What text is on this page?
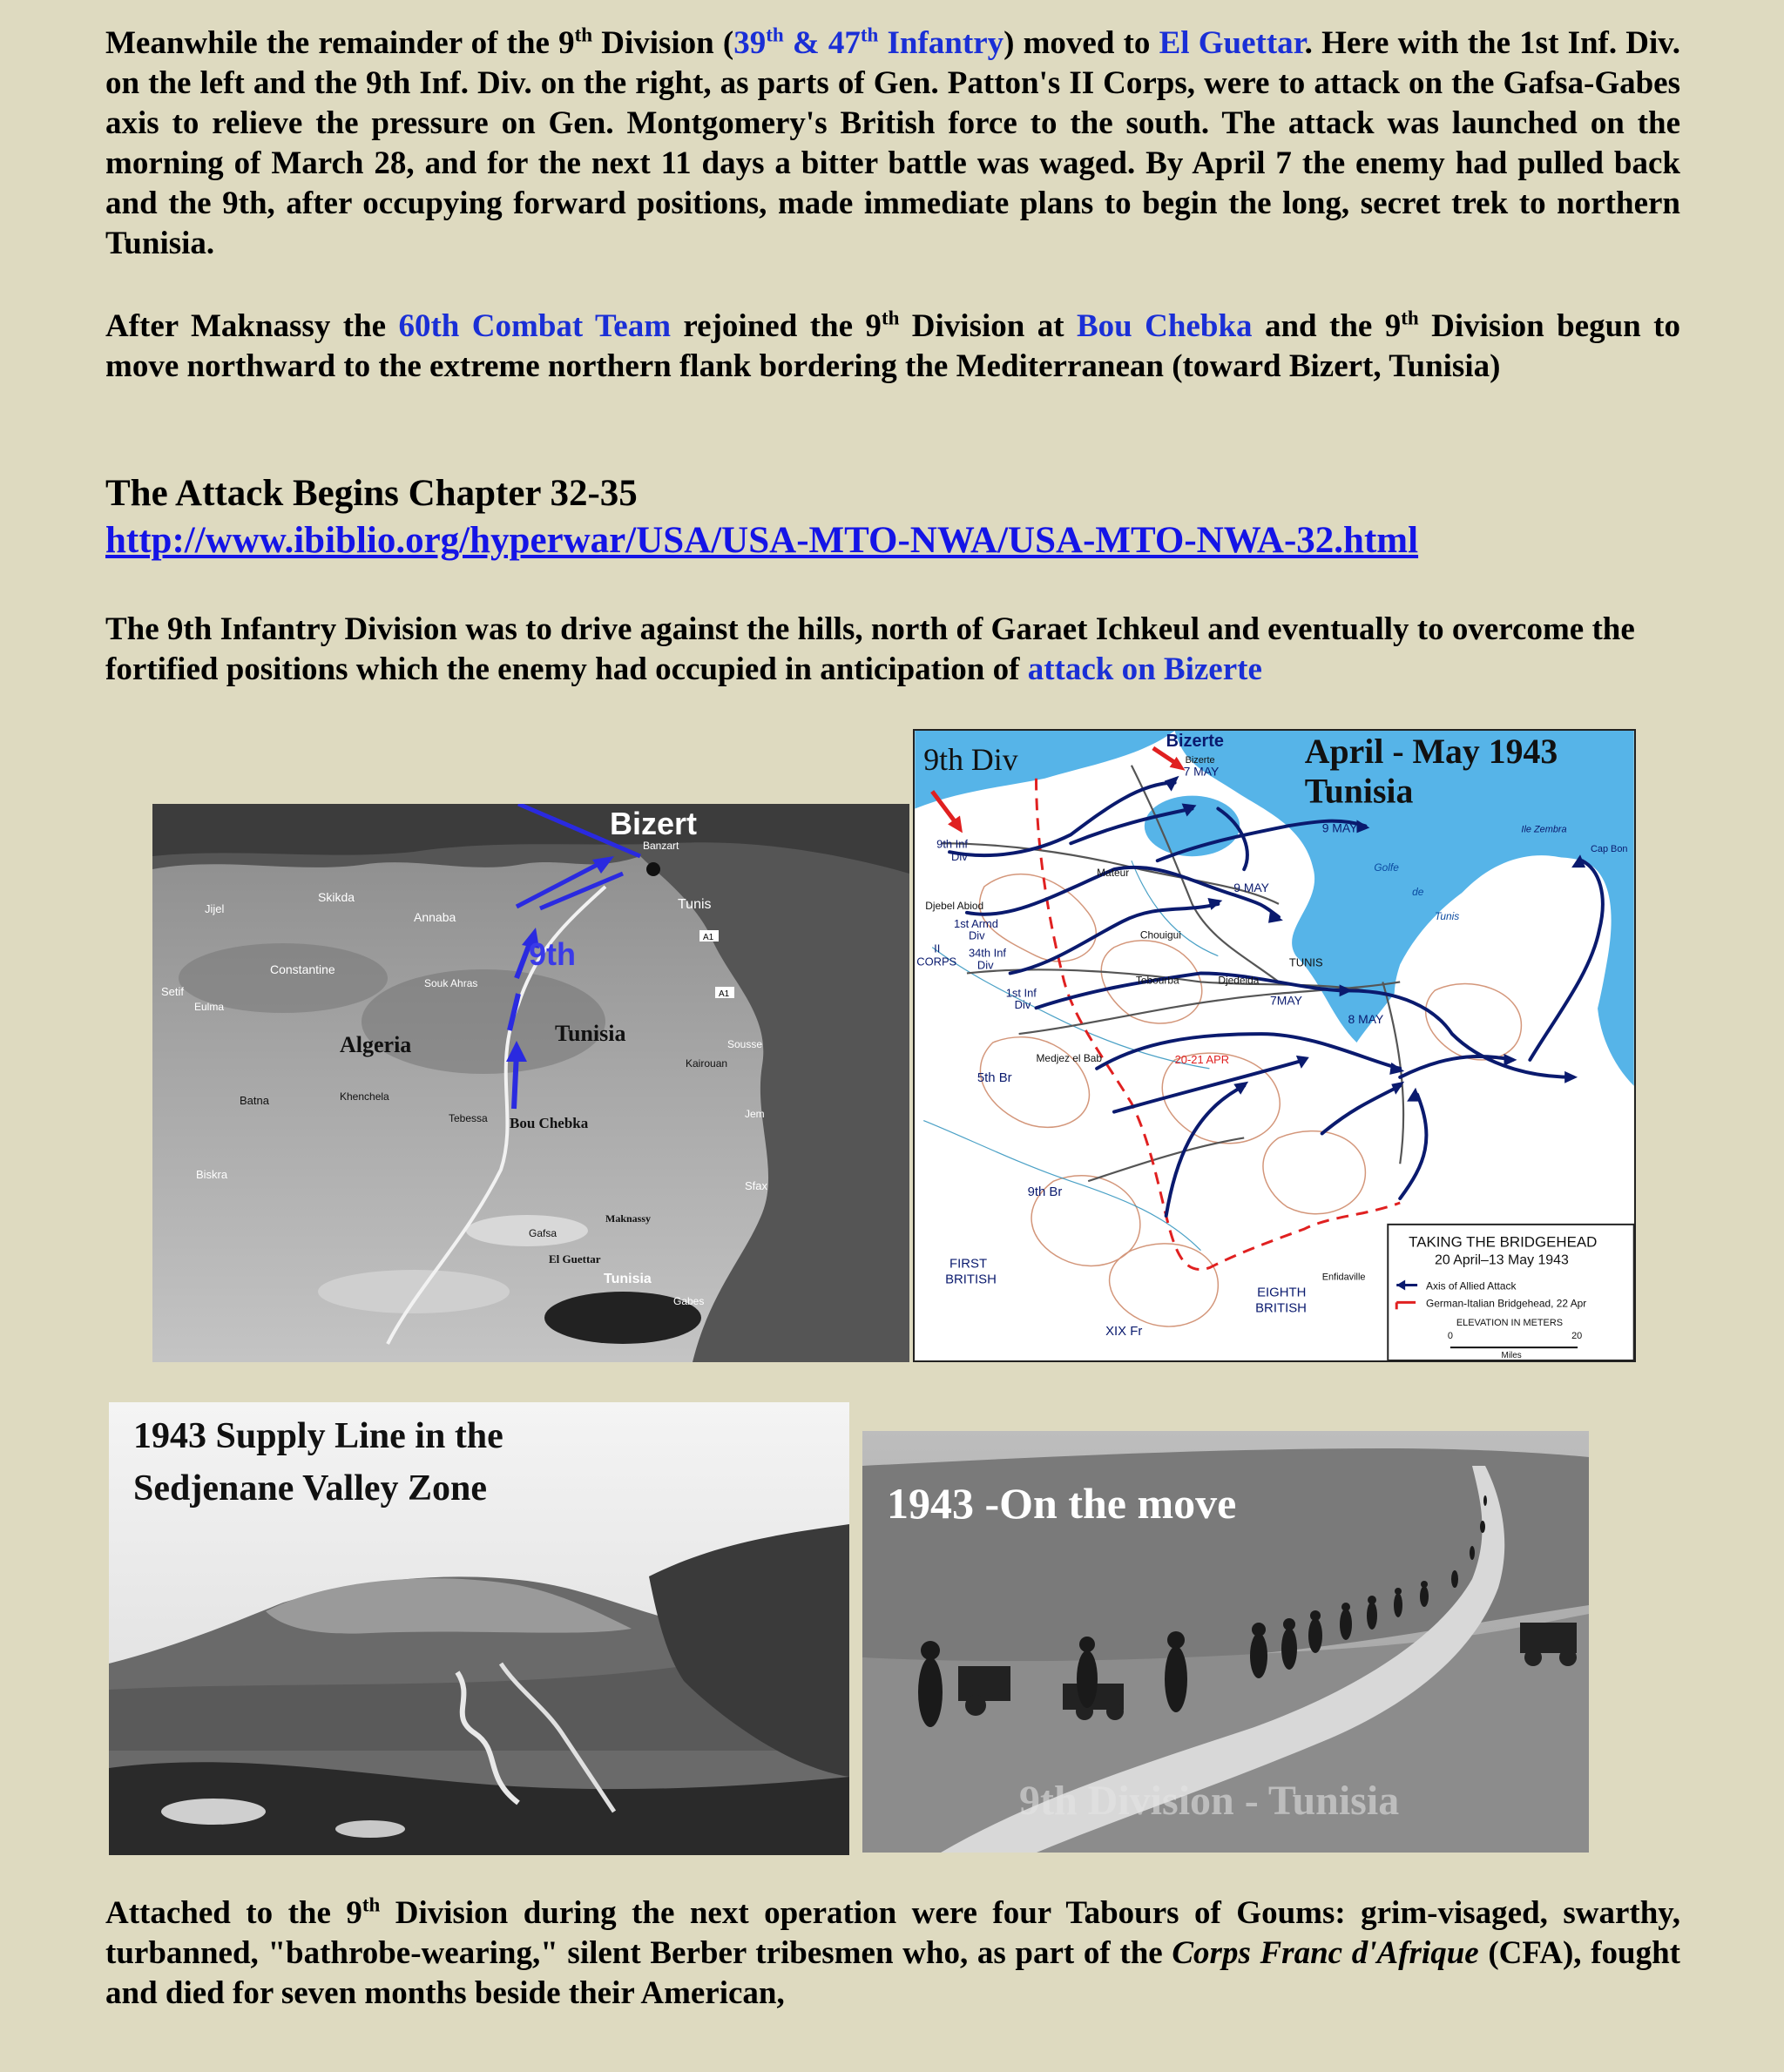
Meanwhile the remainder of the 9th Division (39th & 47th Infantry) moved to El Guettar. Here with the 1st Inf. Div. on the left and the 9th Inf. Div. on the right, as parts of Gen. Patton's II Corps, were to attack on the Gafsa-Gabes axis to relieve the pressure on Gen. Montgomery's British force to the south. The attack was launched on the morning of March 28, and for the next 11 days a bitter battle was waged. By April 7 the enemy had pulled back and the 9th, after occupying forward positions, made immediate plans to begin the long, secret trek to northern Tunisia.

After Maknassy the 60th Combat Team rejoined the 9th Division at Bou Chebka and the 9th Division begun to move northward to the extreme northern flank bordering the Mediterranean (toward Bizert, Tunisia)

The Attack Begins Chapter 32-35
http://www.ibiblio.org/hyperwar/USA/USA-MTO-NWA/USA-MTO-NWA-32.html

The 9th Infantry Division was to drive against the hills, north of Garaet Ichkeul and eventually to overcome the fortified positions which the enemy had occupied in anticipation of attack on Bizerte

Bizert
Banzart
9th
Algeria	Tunisia
Bou Chebka
Skikda
Jijel
Annaba
Constantine
Setif
Eulma
Souk Ahras
Batna	Khenchela
Tebessa
Biskra
Tunis
Kairouan
Sousse
Jem
Sfax
Maknassy
Gafsa
El Guettar
Tunisia
Gabes
A1
A1
9th Div	April - May 1943
Tunisia
Bizerte
Bizerte
7 MAY
9 MAY
9 MAY
7MAY
8 MAY
20-21 APR
Ile Zembra
Cap Bon
Golfe
de
Tunis
Mateur
Chouigui
Tebourba	Djedeida
TUNIS
Medjez el Bab
9th Inf
Div
Djebel Abiod
1st Armd
Div
34th Inf
Div
II
CORPS
1st Inf
Div
5th Br
9th Br
FIRST
BRITISH
XIX Fr
EIGHTH
BRITISH
Enfidaville
TAKING THE BRIDGEHEAD
20 April–13 May 1943
Axis of Allied Attack
German-Italian Bridgehead, 22 Apr
ELEVATION IN METERS
0	20
Miles
1943 Supply Line in the
Sedjenane Valley Zone	1943 -On the move
9th Division - Tunisia

Attached to the 9th Division during the next operation were four Tabours of Goums: grim-visaged, swarthy, turbanned, "bathrobe-wearing," silent Berber tribesmen who, as part of the Corps Franc d'Afrique (CFA), fought and died for seven months beside their American,
